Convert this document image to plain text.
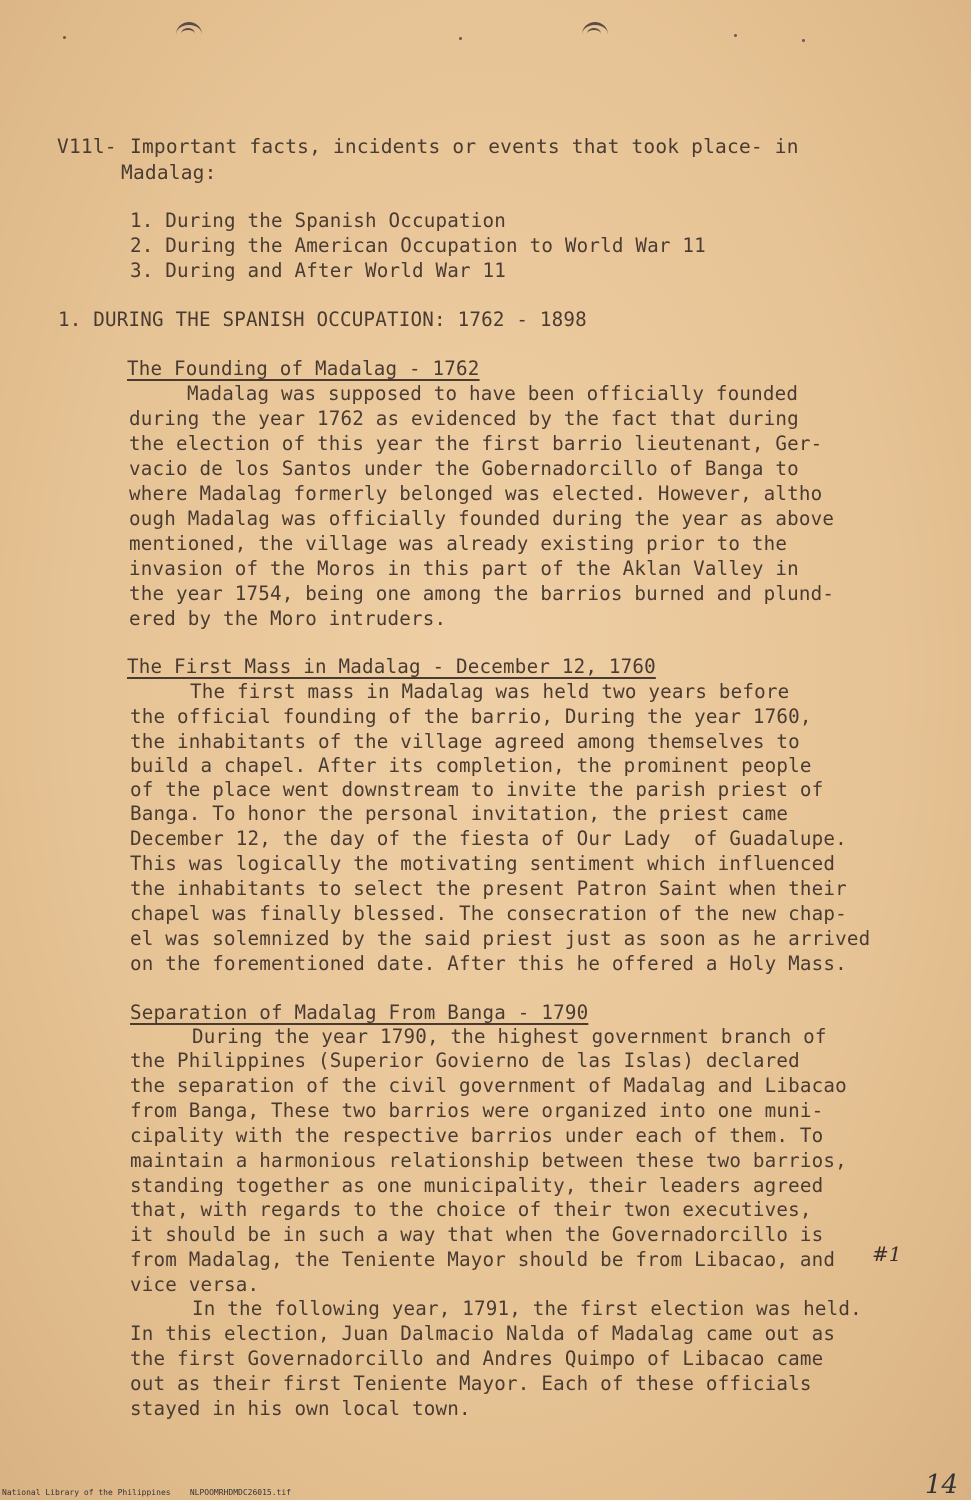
V11l- Important facts, incidents or events that took place- in
Madalag:
1. During the Spanish Occupation
2. During the American Occupation to World War 11
3. During and After World War 11
1. DURING THE SPANISH OCCUPATION: 1762 - 1898
The Founding of Madalag - 1762
Madalag was supposed to have been officially founded
during the year 1762 as evidenced by the fact that during
the election of this year the first barrio lieutenant, Ger-
vacio de los Santos under the Gobernadorcillo of Banga to
where Madalag formerly belonged was elected. However, altho
ough Madalag was officially founded during the year as above
mentioned, the village was already existing prior to the
invasion of the Moros in this part of the Aklan Valley in
the year 1754, being one among the barrios burned and plund-
ered by the Moro intruders.
The First Mass in Madalag - December 12, 1760
The first mass in Madalag was held two years before
the official founding of the barrio, During the year 1760,
the inhabitants of the village agreed among themselves to
build a chapel. After its completion, the prominent people
of the place went downstream to invite the parish priest of
Banga. To honor the personal invitation, the priest came
December 12, the day of the fiesta of Our Lady  of Guadalupe.
This was logically the motivating sentiment which influenced
the inhabitants to select the present Patron Saint when their
chapel was finally blessed. The consecration of the new chap-
el was solemnized by the said priest just as soon as he arrived
on the forementioned date. After this he offered a Holy Mass.
Separation of Madalag From Banga - 1790
During the year 1790, the highest government branch of
the Philippines (Superior Govierno de las Islas) declared
the separation of the civil government of Madalag and Libacao
from Banga, These two barrios were organized into one muni-
cipality with the respective barrios under each of them. To
maintain a harmonious relationship between these two barrios,
standing together as one municipality, their leaders agreed
that, with regards to the choice of their twon executives,
it should be in such a way that when the Governadorcillo is
from Madalag, the Teniente Mayor should be from Libacao, and
vice versa.
In the following year, 1791, the first election was held.
In this election, Juan Dalmacio Nalda of Madalag came out as
the first Governadorcillo and Andres Quimpo of Libacao came
out as their first Teniente Mayor. Each of these officials
stayed in his own local town.
#1
National Library of the Philippines    NLPOOMRHDMDC26015.tif	14
